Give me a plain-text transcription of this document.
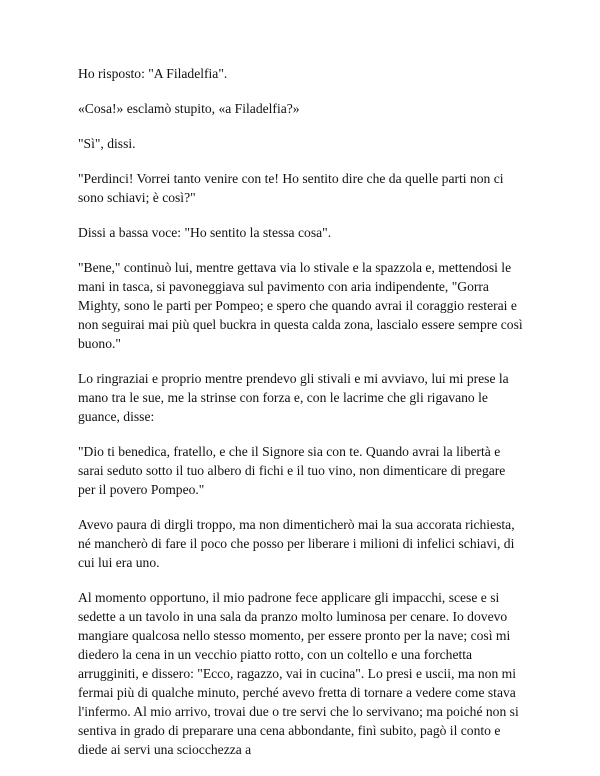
Ho risposto: "A Filadelfia".

«Cosa!» esclamò stupito, «a Filadelfia?»

"Sì", dissi.

"Perdinci! Vorrei tanto venire con te! Ho sentito dire che da quelle parti non ci sono schiavi; è così?"

Dissi a bassa voce: "Ho sentito la stessa cosa".

"Bene," continuò lui, mentre gettava via lo stivale e la spazzola e, mettendosi le mani in tasca, si pavoneggiava sul pavimento con aria indipendente, "Gorra Mighty, sono le parti per Pompeo; e spero che quando avrai il coraggio resterai e non seguirai mai più quel buckra in questa calda zona, lascialo essere sempre così buono."

Lo ringraziai e proprio mentre prendevo gli stivali e mi avviavo, lui mi prese la mano tra le sue, me la strinse con forza e, con le lacrime che gli rigavano le guance, disse:

"Dio ti benedica, fratello, e che il Signore sia con te. Quando avrai la libertà e sarai seduto sotto il tuo albero di fichi e il tuo vino, non dimenticare di pregare per il povero Pompeo."

Avevo paura di dirgli troppo, ma non dimenticherò mai la sua accorata richiesta, né mancherò di fare il poco che posso per liberare i milioni di infelici schiavi, di cui lui era uno.

Al momento opportuno, il mio padrone fece applicare gli impacchi, scese e si sedette a un tavolo in una sala da pranzo molto luminosa per cenare. Io dovevo mangiare qualcosa nello stesso momento, per essere pronto per la nave; così mi diedero la cena in un vecchio piatto rotto, con un coltello e una forchetta arrugginiti, e dissero: "Ecco, ragazzo, vai in cucina". Lo presi e uscii, ma non mi fermai più di qualche minuto, perché avevo fretta di tornare a vedere come stava l'infermo. Al mio arrivo, trovai due o tre servi che lo servivano; ma poiché non si sentiva in grado di preparare una cena abbondante, finì subito, pagò il conto e diede ai servi una sciocchezza a
